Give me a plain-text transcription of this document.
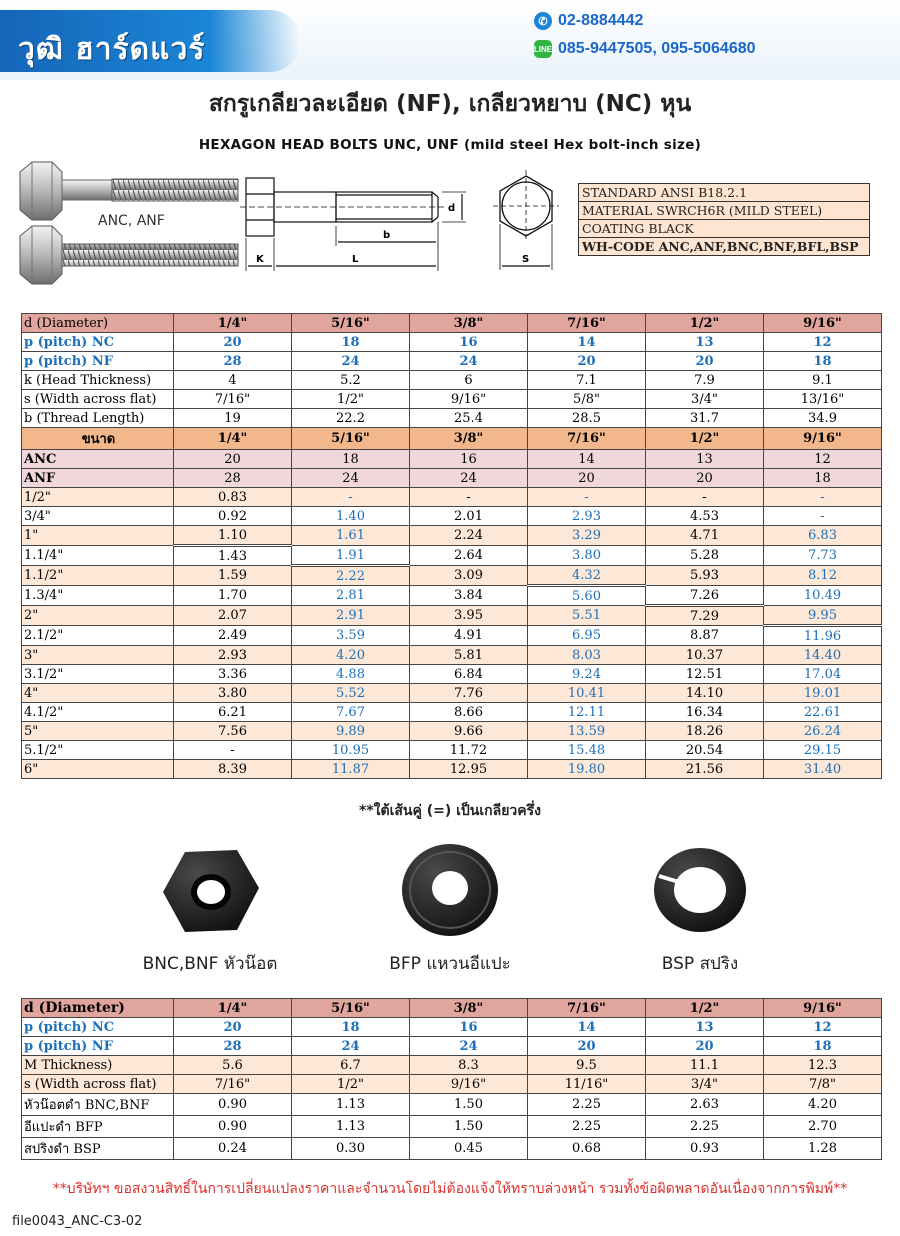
วุฒิ ฮาร์ดแวร์
✆ 02-8884442
LINE 085-9447505, 095-5064680
สกรูเกลียวละเอียด (NF), เกลียวหยาบ (NC) หุน
HEXAGON HEAD BOLTS UNC, UNF (mild steel Hex bolt-inch size)
ANC, ANF
b
L
K
d
S
STANDARD ANSI B18.2.1
MATERIAL SWRCH6R (MILD STEEL)
COATING BLACK
WH-CODE ANC,ANF,BNC,BNF,BFL,BSP
d (Diameter)	1/4"	5/16"	3/8"	7/16"	1/2"	9/16"
p (pitch) NC	20	18	16	14	13	12
p (pitch) NF	28	24	24	20	20	18
k (Head Thickness)	4	5.2	6	7.1	7.9	9.1
s (Width across flat)	7/16"	1/2"	9/16"	5/8"	3/4"	13/16"
b (Thread Length)	19	22.2	25.4	28.5	31.7	34.9
ขนาด	1/4"	5/16"	3/8"	7/16"	1/2"	9/16"
ANC	20	18	16	14	13	12
ANF	28	24	24	20	20	18
1/2"	0.83	-	-	-	-	-
3/4"	0.92	1.40	2.01	2.93	4.53	-
1"	1.10	1.61	2.24	3.29	4.71	6.83
1.1/4"	1.43	1.91	2.64	3.80	5.28	7.73
1.1/2"	1.59	2.22	3.09	4.32	5.93	8.12
1.3/4"	1.70	2.81	3.84	5.60	7.26	10.49
2"	2.07	2.91	3.95	5.51	7.29	9.95
2.1/2"	2.49	3.59	4.91	6.95	8.87	11.96
3"	2.93	4.20	5.81	8.03	10.37	14.40
3.1/2"	3.36	4.88	6.84	9.24	12.51	17.04
4"	3.80	5.52	7.76	10.41	14.10	19.01
4.1/2"	6.21	7.67	8.66	12.11	16.34	22.61
5"	7.56	9.89	9.66	13.59	18.26	26.24
5.1/2"	-	10.95	11.72	15.48	20.54	29.15
6"	8.39	11.87	12.95	19.80	21.56	31.40
**ใต้เส้นคู่ (=) เป็นเกลียวครึ่ง
BNC,BNF หัวน๊อต	BFP แหวนอีแปะ	BSP สปริง
d (Diameter)	1/4"	5/16"	3/8"	7/16"	1/2"	9/16"
p (pitch) NC	20	18	16	14	13	12
p (pitch) NF	28	24	24	20	20	18
M Thickness)	5.6	6.7	8.3	9.5	11.1	12.3
s (Width across flat)	7/16"	1/2"	9/16"	11/16"	3/4"	7/8"
หัวน๊อตดำ BNC,BNF	0.90	1.13	1.50	2.25	2.63	4.20
อีแปะดำ BFP	0.90	1.13	1.50	2.25	2.25	2.70
สปริงดำ BSP	0.24	0.30	0.45	0.68	0.93	1.28
**บริษัทฯ ขอสงวนสิทธิ์ในการเปลี่ยนแปลงราคาและจำนวนโดยไม่ต้องแจ้งให้ทราบล่วงหน้า รวมทั้งข้อผิดพลาดอันเนื่องจากการพิมพ์**
file0043_ANC-C3-02
